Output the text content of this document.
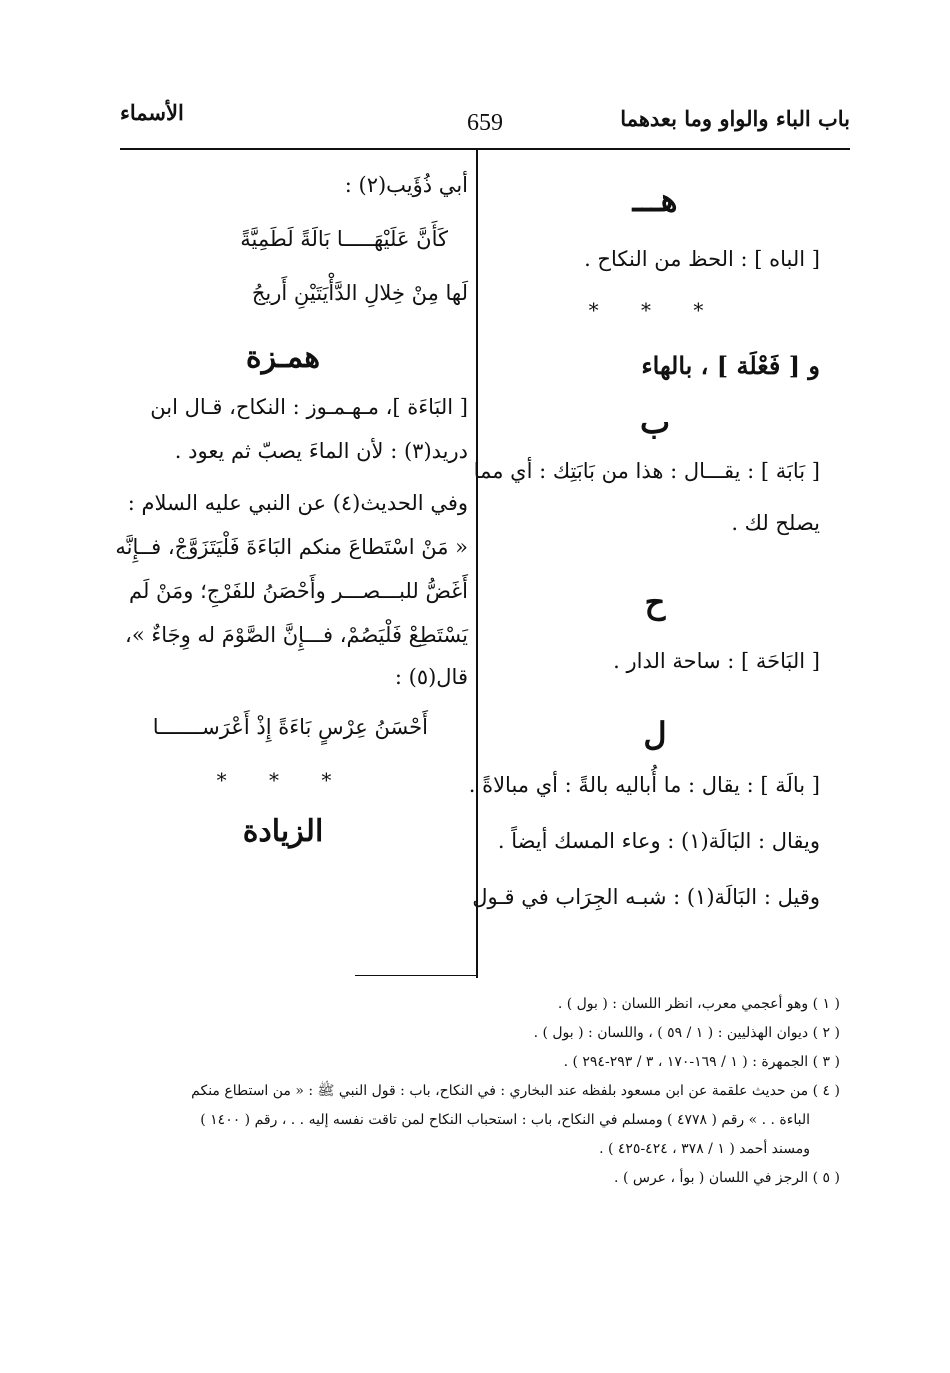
باب الباء والواو وما بعدهما
659
الأسماء

هـــ

[ الباه ] : الحظ من النكاح .

* * *

و [ فَعْلَة ] ، بالهاء

ب

[ بَابَة ] : يقـــال : هذا من بَابَتِك : أي مما

يصلح لك .

ح

[ البَاحَة ] : ساحة الدار .

ل

[ بالَة ] : يقال : ما أُباليه بالةً : أي مبالاةً .

ويقال : البَالَة(١) : وعاء المسك أيضاً .

وقيل : البَالَة(١) : شبـه الجِرَاب في قـول

أبي ذُؤَيب(٢) :

كَأَنَّ عَلَيْهَـــــا بَالَةً لَطَمِيَّةً

لَها مِنْ خِلالِ الدَّأْيَتَيْنِ أَريجُ

همـزة

[ البَاءَة ]، مـهـمـوز : النكاح، قـال ابن

دريد(٣) : لأن الماءَ يصبّ ثم يعود .

وفي الحديث(٤) عن النبي عليه السلام :

« مَنْ اسْتَطاعَ منكم البَاءَةَ فَلْيَتَزَوَّجْ، فــإِنَّه

أَغَضُّ للبـــصـــر وأَحْصَنُ للفَرْجِ؛ ومَنْ لَم

يَسْتَطِعْ فَلْيَصُمْ، فـــإِنَّ الصَّوْمَ له وِجَاءٌ »،

قال(٥) :

أَحْسَنُ عِرْسٍ بَاءَةً إِذْ أَعْرَســـــــا

* * *

الزيادة

( ١ ) وهو أعجمي معرب، انظر اللسان : ( بول ) .

( ٢ ) ديوان الهذليين : ( ١ / ٥٩ ) ، واللسان : ( بول ) .

( ٣ ) الجمهرة : ( ١ / ١٦٩-١٧٠ ، ٣ / ٢٩٣-٢٩٤ ) .

( ٤ ) من حديث علقمة عن ابن مسعود بلفظه عند البخاري : في النكاح، باب : قول النبي ﷺ : « من استطاع منكم

الباءة . . » رقم ( ٤٧٧٨ ) ومسلم في النكاح، باب : استحباب النكاح لمن تاقت نفسه إليه . . ، رقم ( ١٤٠٠ )

ومسند أحمد ( ١ / ٣٧٨ ، ٤٢٤-٤٢٥ ) .

( ٥ ) الرجز في اللسان ( بوأ ، عرس ) .
